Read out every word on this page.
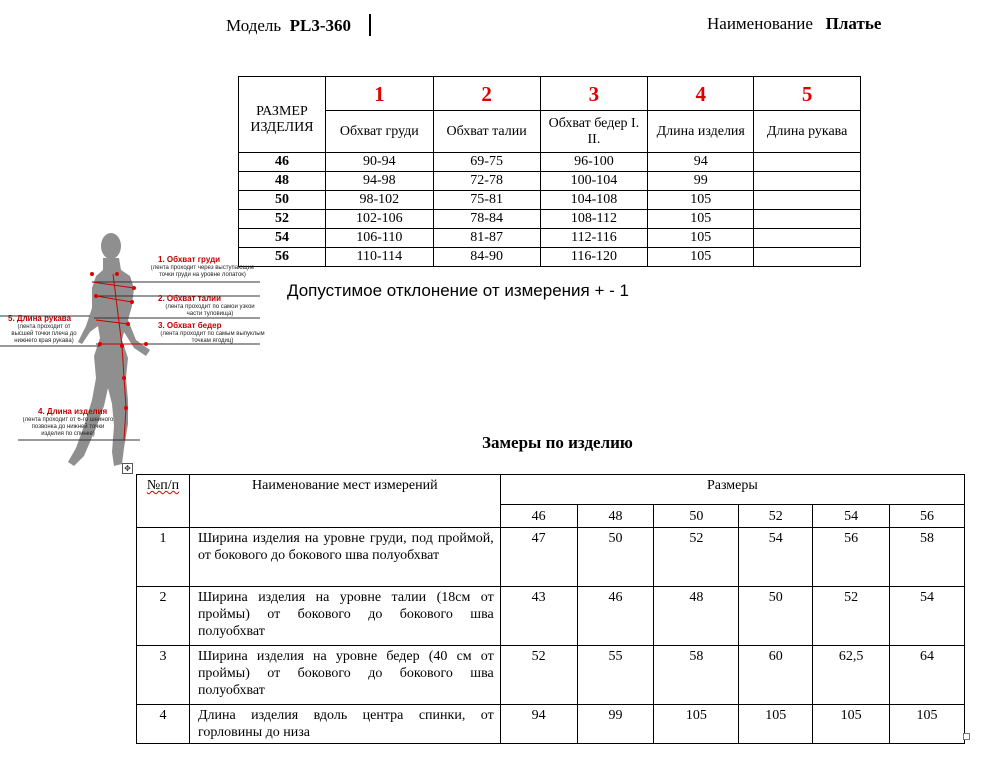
Модель PL3-360	Наименование Платье
РАЗМЕР ИЗДЕЛИЯ	1	2	3	4	5
	Обхват груди	Обхват талии	Обхват бедер I. II.	Длина изделия	Длина рукава
46	90-94	69-75	96-100	94	
48	94-98	72-78	100-104	99	
50	98-102	75-81	104-108	105	
52	102-106	78-84	108-112	105	
54	106-110	81-87	112-116	105	
56	110-114	84-90	116-120	105	
Допустимое отклонение от измерения + - 1
1. Обхват груди
(лента проходит через выступающие точки груди на уровне лопаток)
2. Обхват талии
(лента проходит по самой узкой части туловища)
3. Обхват бедер
(лента проходит по самым выпуклым точкам ягодиц)
5. Длина рукава
(лента проходит от высшей точки плеча до нижнего края рукава)
4. Длина изделия
(лента проходит от 6-го шейного позвонка до нижней точки изделия по спинке)	Замеры по изделию
✥
№п/п	Наименование мест измерений	Размеры					
		46	48	50	52	54	56
1	Ширина изделия на уровне груди, под проймой, от бокового до бокового шва полуобхват	47	50	52	54	56	58
2	Ширина изделия на уровне талии (18см от проймы) от бокового до бокового шва полуобхват	43	46	48	50	52	54
3	Ширина изделия на уровне бедер (40 см от проймы) от бокового до бокового шва полуобхват	52	55	58	60	62,5	64
4	Длина изделия вдоль центра спинки, от горловины до низа	94	99	105	105	105	105
